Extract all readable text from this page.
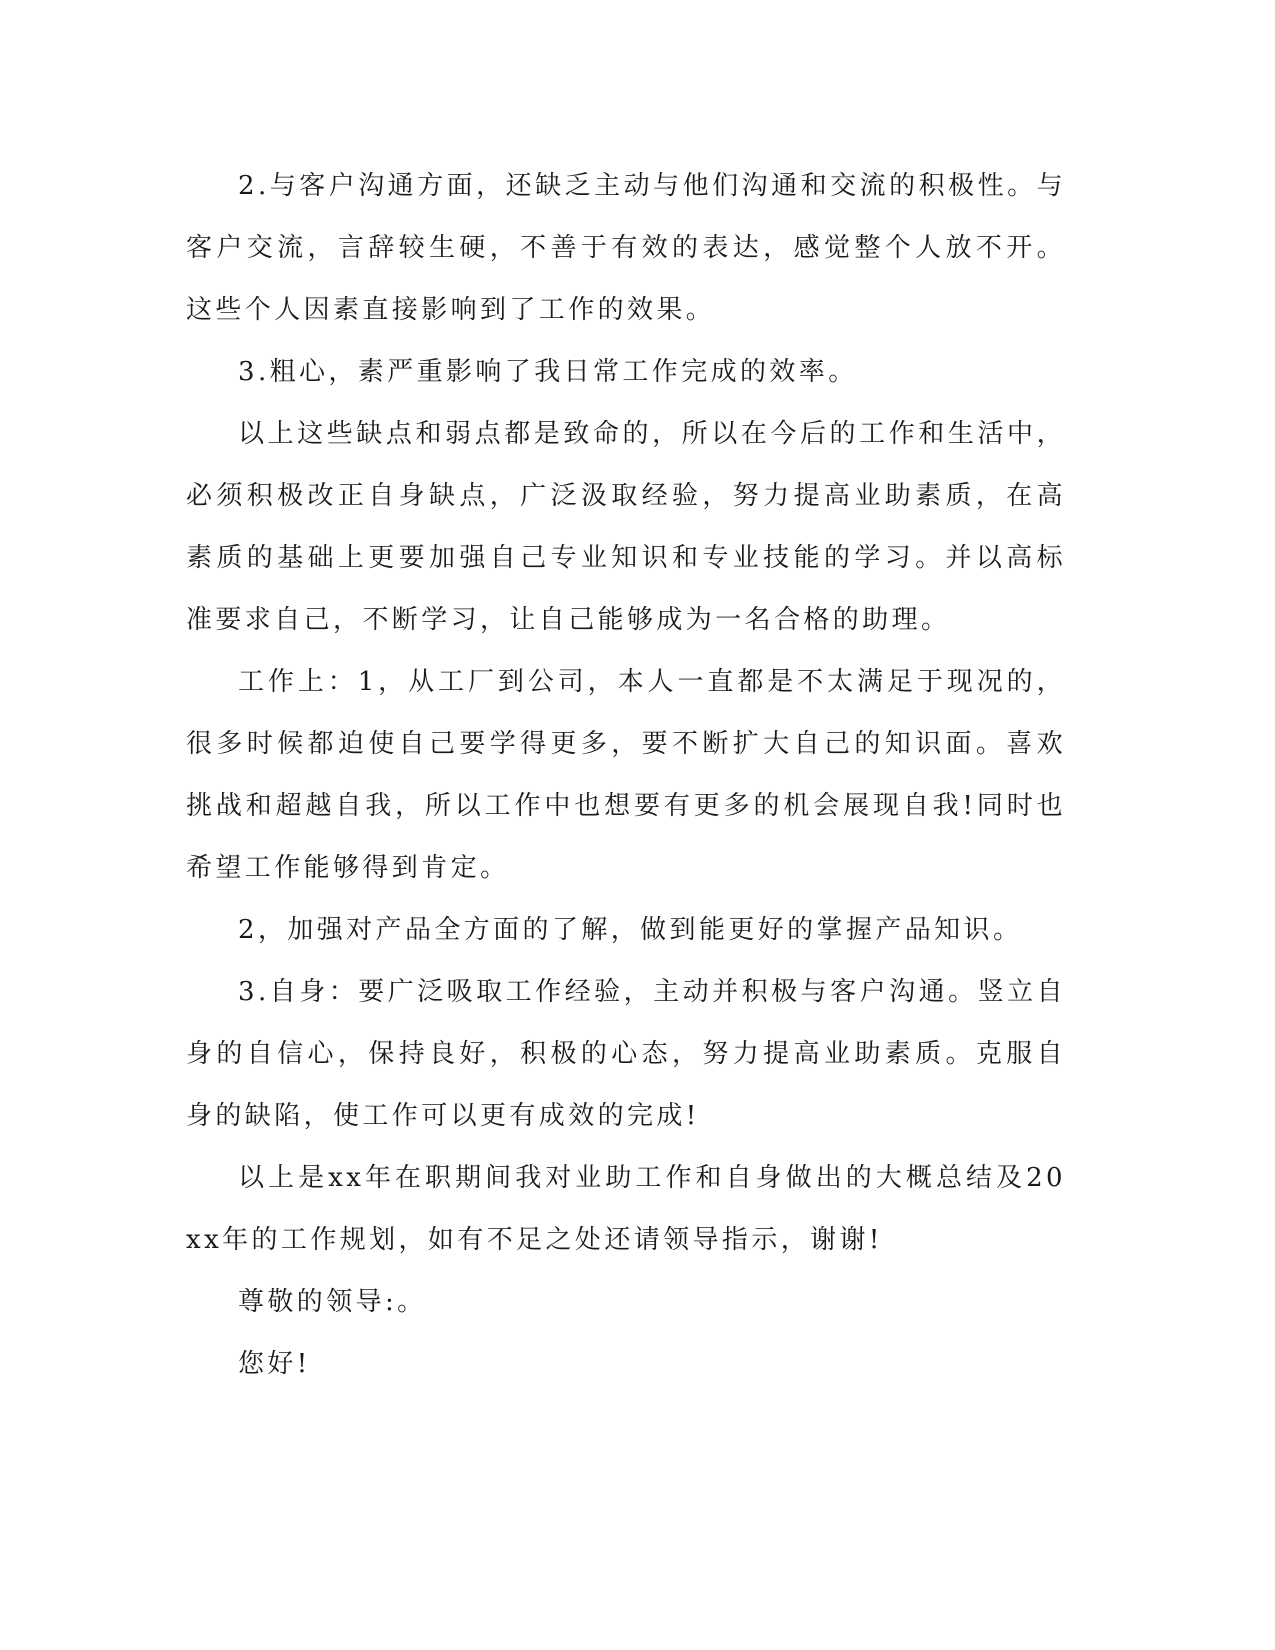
2.与客户沟通方面，还缺乏主动与他们沟通和交流的积极性。与客户交流，言辞较生硬，不善于有效的表达，感觉整个人放不开。这些个人因素直接影响到了工作的效果。

3.粗心，素严重影响了我日常工作完成的效率。

以上这些缺点和弱点都是致命的，所以在今后的工作和生活中，必须积极改正自身缺点，广泛汲取经验，努力提高业助素质，在高素质的基础上更要加强自己专业知识和专业技能的学习。并以高标准要求自己，不断学习，让自己能够成为一名合格的助理。

工作上：1，从工厂到公司，本人一直都是不太满足于现况的，很多时候都迫使自己要学得更多，要不断扩大自己的知识面。喜欢挑战和超越自我，所以工作中也想要有更多的机会展现自我!同时也希望工作能够得到肯定。

2，加强对产品全方面的了解，做到能更好的掌握产品知识。

3.自身：要广泛吸取工作经验，主动并积极与客户沟通。竖立自身的自信心，保持良好，积极的心态，努力提高业助素质。克服自身的缺陷，使工作可以更有成效的完成!

以上是xx年在职期间我对业助工作和自身做出的大概总结及20xx年的工作规划，如有不足之处还请领导指示，谢谢!

尊敬的领导:。

您好!
